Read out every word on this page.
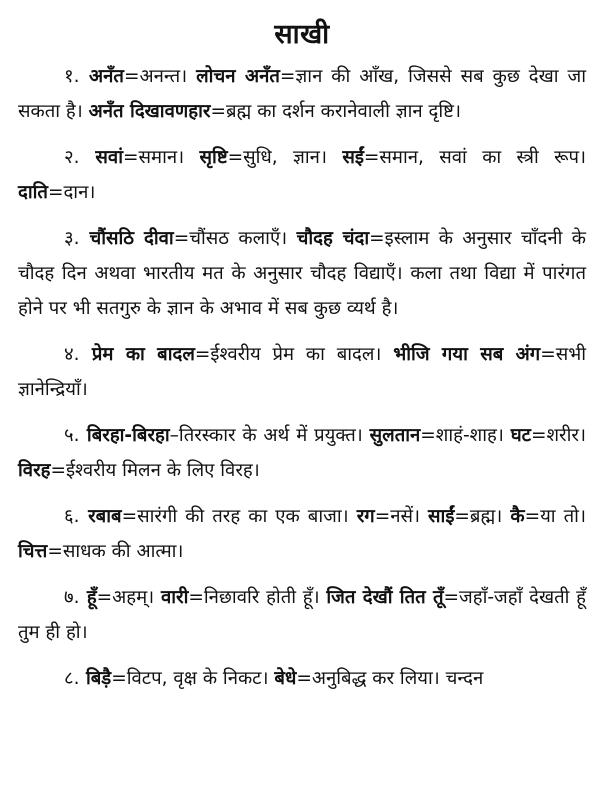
साखी

१. अनँत=अनन्त। लोचन अनँत=ज्ञान की आँख, जिससे सब कुछ देखा जा सकता है। अनँत दिखावणहार=ब्रह्म का दर्शन करानेवाली ज्ञान दृष्टि।

२. सवां=समान। सृष्टि=सुधि, ज्ञान। सईं=समान, सवां का स्त्री रूप। दाति=दान।

३. चौंसठि दीवा=चौंसठ कलाएँ। चौदह चंदा=इस्लाम के अनुसार चाँदनी के चौदह दिन अथवा भारतीय मत के अनुसार चौदह विद्याएँ। कला तथा विद्या में पारंगत होने पर भी सतगुरु के ज्ञान के अभाव में सब कुछ व्यर्थ है।

४. प्रेम का बादल=ईश्वरीय प्रेम का बादल। भीजि गया सब अंग=सभी ज्ञानेन्द्रियाँ।

५. बिरहा-बिरहा–तिरस्कार के अर्थ में प्रयुक्त। सुलतान=शाहं-शाह। घट=शरीर। विरह=ईश्वरीय मिलन के लिए विरह।

६. रबाब=सारंगी की तरह का एक बाजा। रग=नसें। साईं=ब्रह्म। कै=या तो। चित्त=साधक की आत्मा।

७. हूँ=अहम्। वारी=निछावरि होती हूँ। जित देखौं तित तूँ=जहाँ-जहाँ देखती हूँ तुम ही हो।

८. बिड़ै=विटप, वृक्ष के निकट। बेधे=अनुबिद्ध कर लिया। चन्दन
